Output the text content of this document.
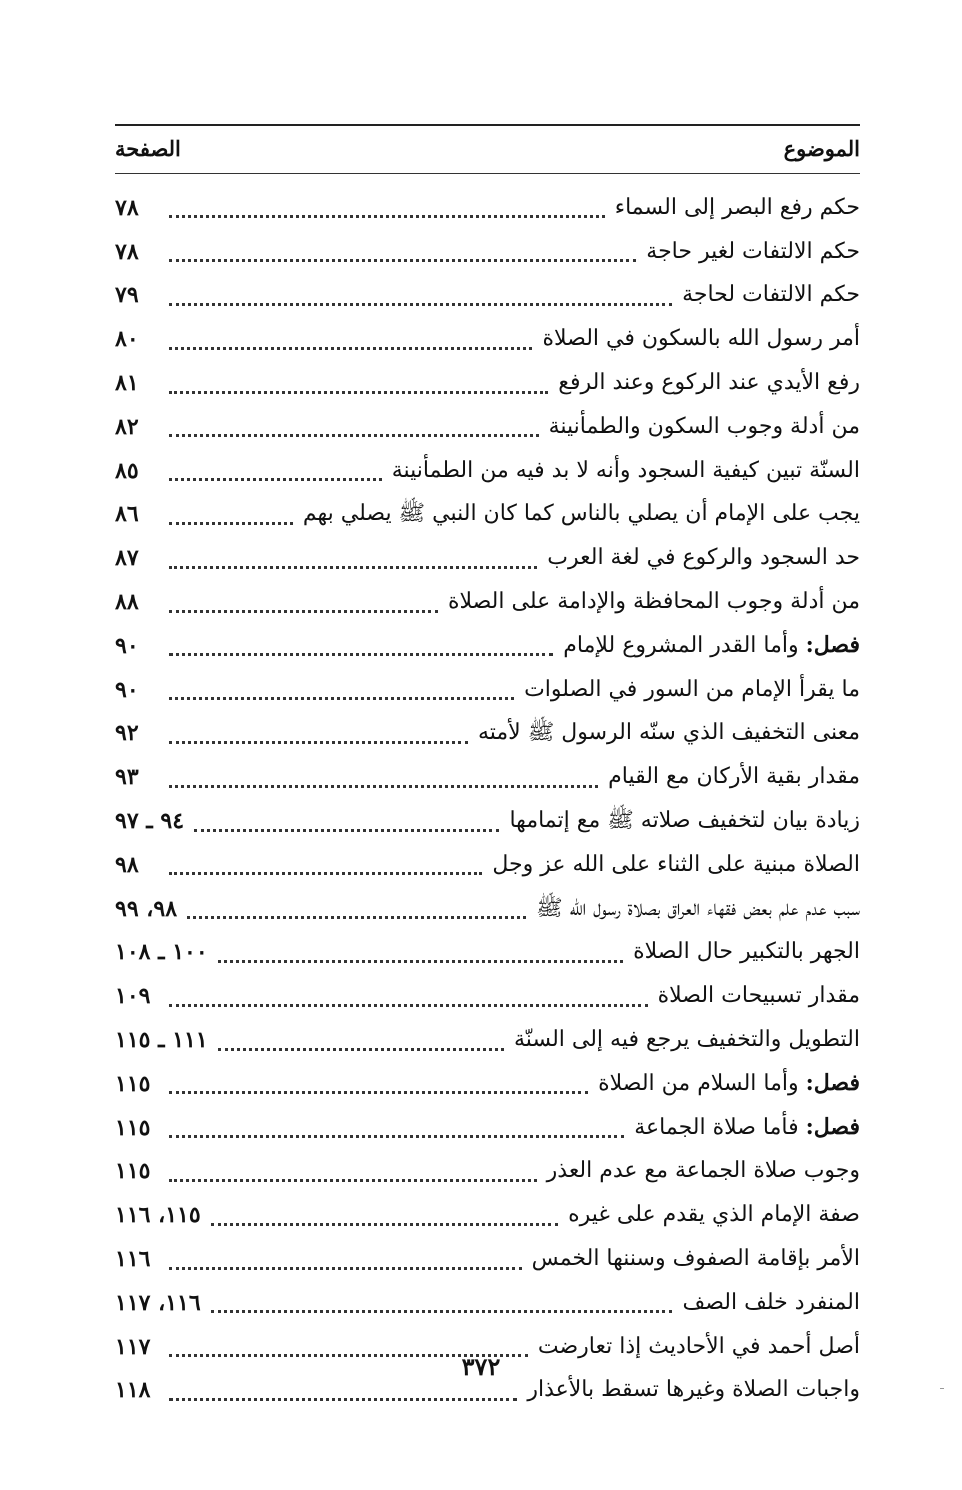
الموضوع
الصفحة
حكم رفع البصر إلى السماء
٧٨
حكم الالتفات لغير حاجة
٧٨
حكم الالتفات لحاجة
٧٩
أمر رسول الله بالسكون في الصلاة
٨٠
رفع الأيدي عند الركوع وعند الرفع
٨١
من أدلة وجوب السكون والطمأنينة
٨٢
السنّة تبين كيفية السجود وأنه لا بد فيه من الطمأنينة
٨٥
يجب على الإمام أن يصلي بالناس كما كان النبي ﷺ يصلي بهم
٨٦
حد السجود والركوع في لغة العرب
٨٧
من أدلة وجوب المحافظة والإدامة على الصلاة
٨٨
فصل: وأما القدر المشروع للإمام
٩٠
ما يقرأ الإمام من السور في الصلوات
٩٠
معنى التخفيف الذي سنّه الرسول ﷺ لأمته
٩٢
مقدار بقية الأركان مع القيام
٩٣
زيادة بيان لتخفيف صلاته ﷺ مع إتمامها
٩٤ ـ ٩٧
الصلاة مبنية على الثناء على الله عز وجل
٩٨
سبب عدم علم بعض فقهاء العراق بصلاة رسول الله ﷺ
٩٨، ٩٩
الجهر بالتكبير حال الصلاة
١٠٠ ـ ١٠٨
مقدار تسبيحات الصلاة
١٠٩
التطويل والتخفيف يرجع فيه إلى السنّة
١١١ ـ ١١٥
فصل: وأما السلام من الصلاة
١١٥
فصل: فأما صلاة الجماعة
١١٥
وجوب صلاة الجماعة مع عدم العذر
١١٥
صفة الإمام الذي يقدم على غيره
١١٥، ١١٦
الأمر بإقامة الصفوف وسننها الخمس
١١٦
المنفرد خلف الصف
١١٦، ١١٧
أصل أحمد في الأحاديث إذا تعارضت
١١٧
واجبات الصلاة وغيرها تسقط بالأعذار
١١٨
٣٧٢
